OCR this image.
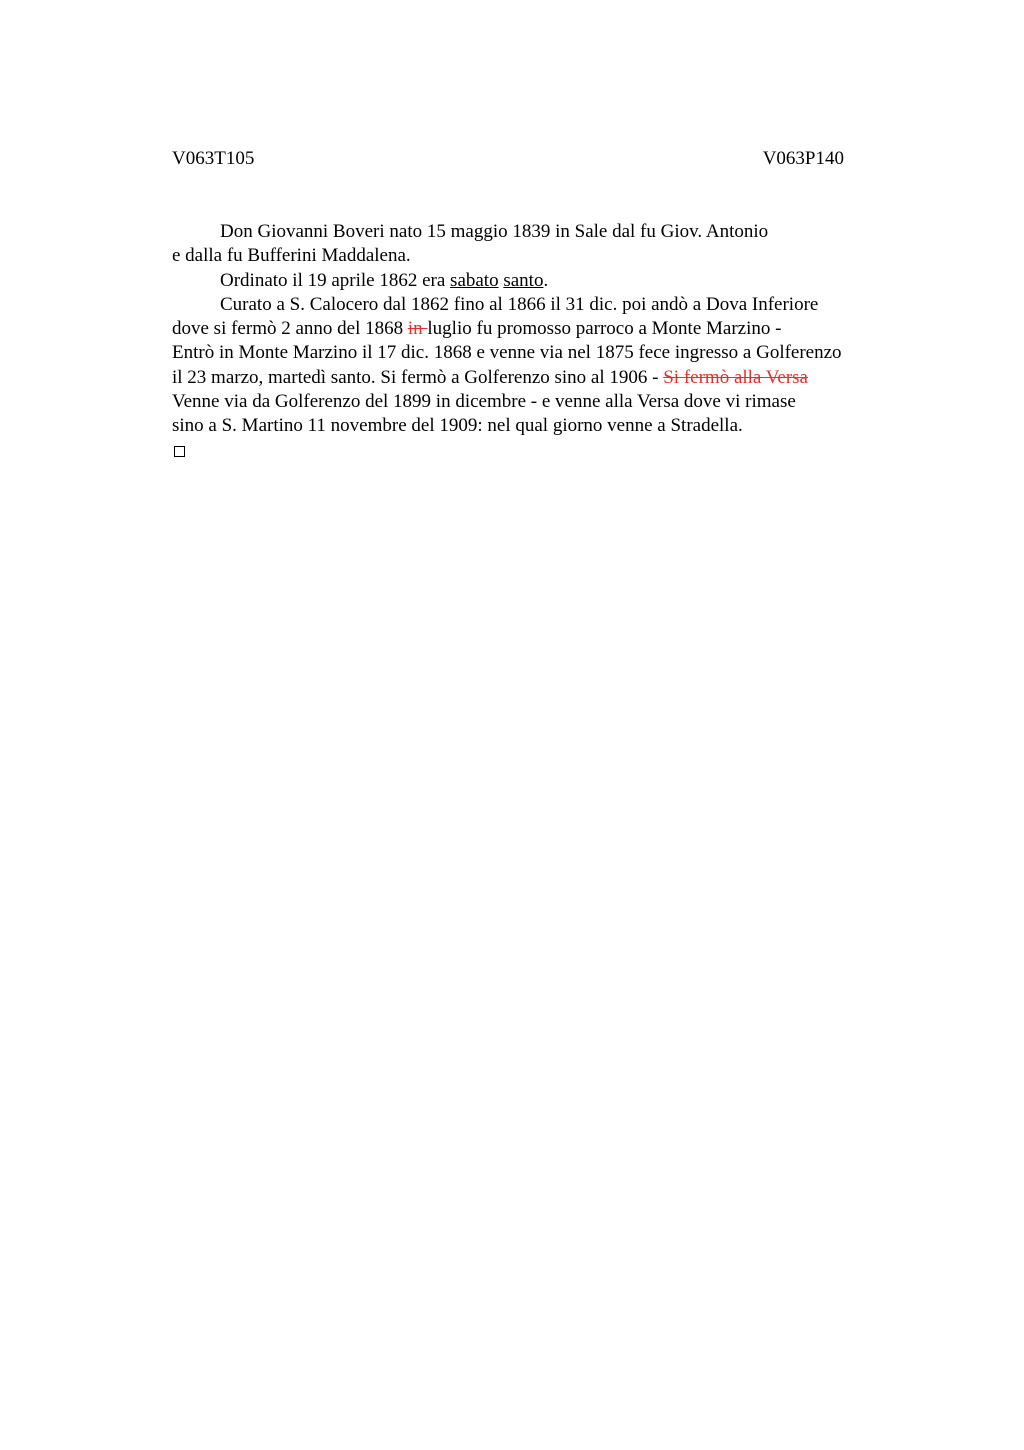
V063T105	V063P140
Don Giovanni Boveri nato 15 maggio 1839 in Sale dal fu Giov. Antonio
e dalla fu Bufferini Maddalena.
Ordinato il 19 aprile 1862 era sabato santo.
Curato a S. Calocero dal 1862 fino al 1866 il 31 dic. poi andò a Dova Inferiore
dove si fermò 2 anno del 1868 in luglio fu promosso parroco a Monte Marzino -
Entrò in Monte Marzino il 17 dic. 1868 e venne via nel 1875 fece ingresso a Golferenzo
il 23 marzo, martedì santo. Si fermò a Golferenzo sino al 1906 - Si fermò alla Versa
Venne via da Golferenzo del 1899 in dicembre - e venne alla Versa dove vi rimase
sino a S. Martino 11 novembre del 1909: nel qual giorno venne a Stradella.
